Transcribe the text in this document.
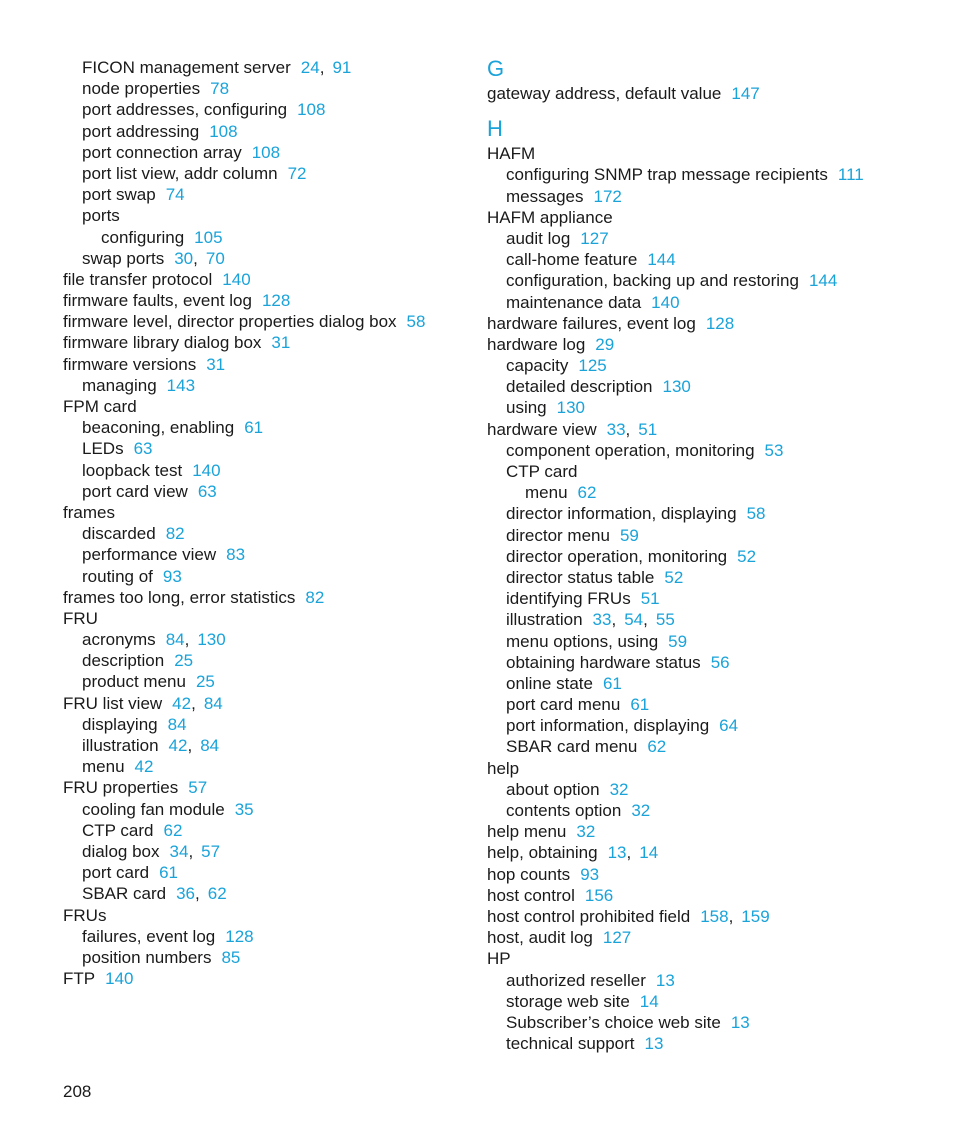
FICON management server 24, 91
node properties 78
port addresses, configuring 108
port addressing 108
port connection array 108
port list view, addr column 72
port swap 74
ports
configuring 105
swap ports 30, 70
file transfer protocol 140
firmware faults, event log 128
firmware level, director properties dialog box 58
firmware library dialog box 31
firmware versions 31
managing 143
FPM card
beaconing, enabling 61
LEDs 63
loopback test 140
port card view 63
frames
discarded 82
performance view 83
routing of 93
frames too long, error statistics 82
FRU
acronyms 84, 130
description 25
product menu 25
FRU list view 42, 84
displaying 84
illustration 42, 84
menu 42
FRU properties 57
cooling fan module 35
CTP card 62
dialog box 34, 57
port card 61
SBAR card 36, 62
FRUs
failures, event log 128
position numbers 85
FTP 140
G
gateway address, default value 147
H
HAFM
configuring SNMP trap message recipients 111
messages 172
HAFM appliance
audit log 127
call-home feature 144
configuration, backing up and restoring 144
maintenance data 140
hardware failures, event log 128
hardware log 29
capacity 125
detailed description 130
using 130
hardware view 33, 51
component operation, monitoring 53
CTP card
menu 62
director information, displaying 58
director menu 59
director operation, monitoring 52
director status table 52
identifying FRUs 51
illustration 33, 54, 55
menu options, using 59
obtaining hardware status 56
online state 61
port card menu 61
port information, displaying 64
SBAR card menu 62
help
about option 32
contents option 32
help menu 32
help, obtaining 13, 14
hop counts 93
host control 156
host control prohibited field 158, 159
host, audit log 127
HP
authorized reseller 13
storage web site 14
Subscriber’s choice web site 13
technical support 13
208
